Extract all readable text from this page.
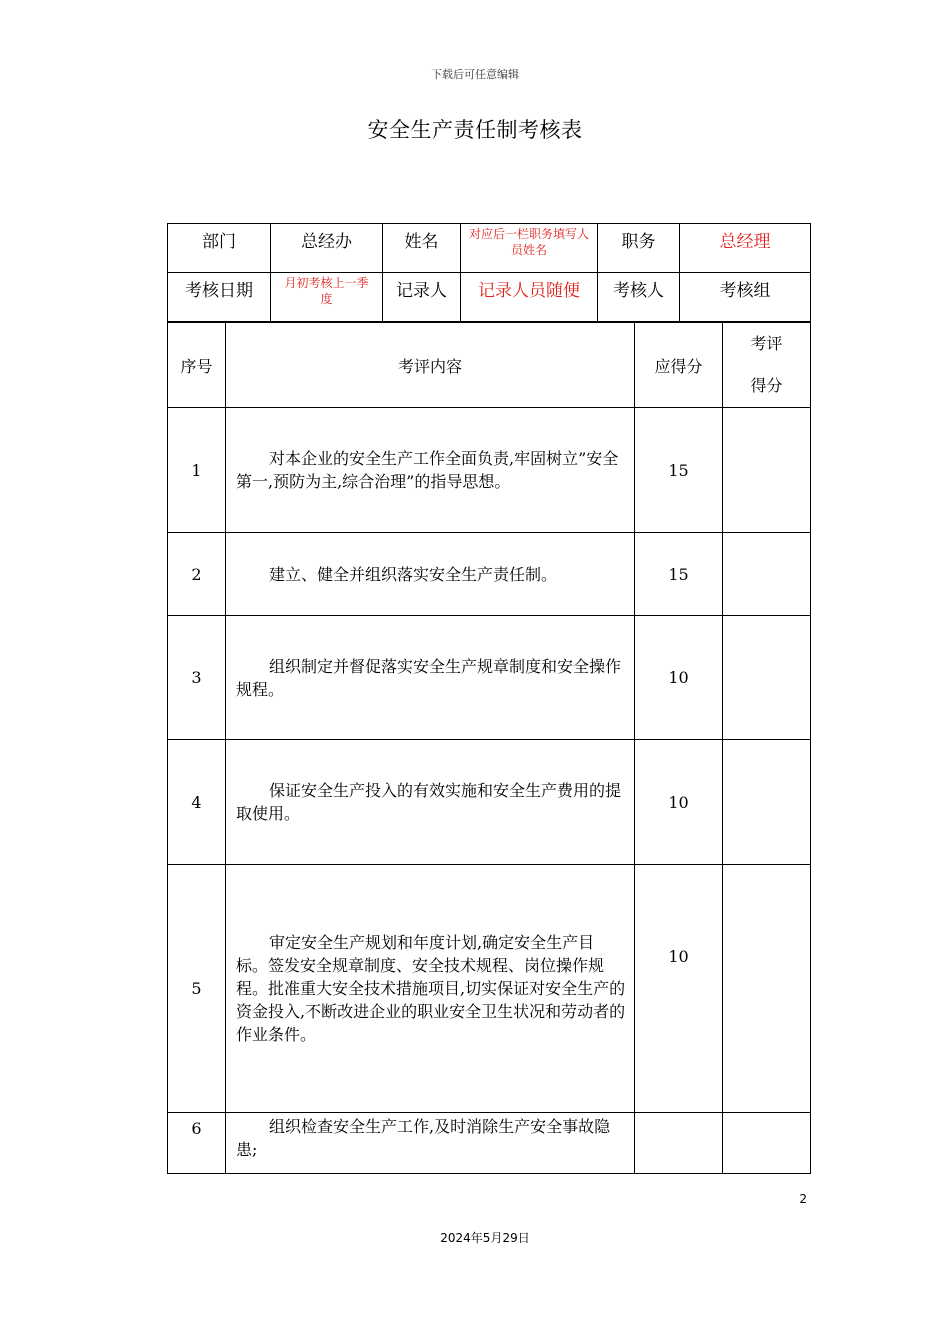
下载后可任意编辑
安全生产责任制考核表
部门	总经办	姓名	对应后一栏职务填写人员姓名	职务	总经理

考核日期	月初考核上一季度	记录人	记录人员随便	考核人	考核组
序号	考评内容	应得分	考评
得分

1	对本企业的安全生产工作全面负责,牢固树立”安全第一,预防为主,综合治理”的指导思想。	15	
2	建立、健全并组织落实安全生产责任制。	15	
3	组织制定并督促落实安全生产规章制度和安全操作规程。	10	
4	保证安全生产投入的有效实施和安全生产费用的提取使用。	10	
5	审定安全生产规划和年度计划,确定安全生产目标。签发安全规章制度、安全技术规程、岗位操作规程。批准重大安全技术措施项目,切实保证对安全生产的资金投入,不断改进企业的职业安全卫生状况和劳动者的作业条件。	10	
6	组织检查安全生产工作,及时消除生产安全事故隐患;		

2
2024年5月29日
